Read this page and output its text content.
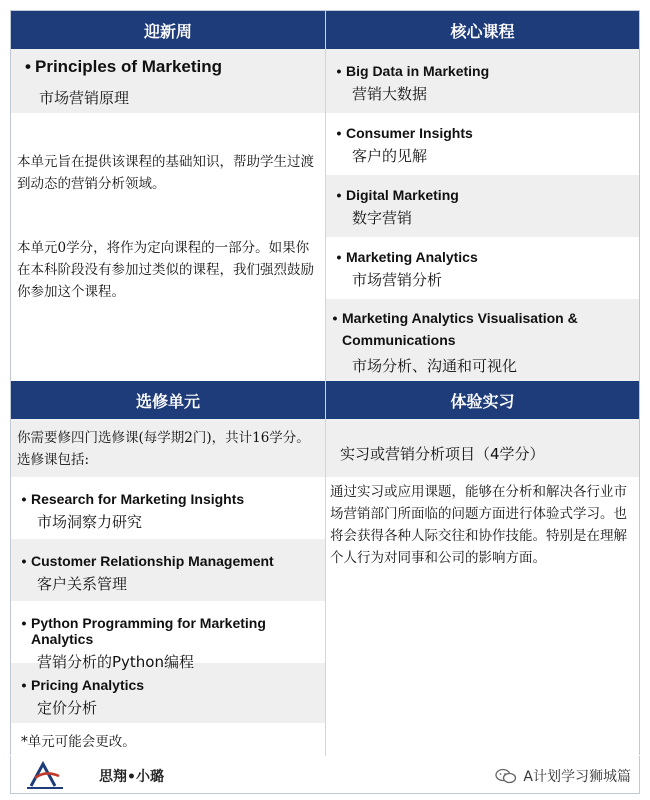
迎新周
• Principles of Marketing
市场营销原理
本单元旨在提供该课程的基础知识，帮助学生过渡到动态的营销分析领域。
本单元0学分，将作为定向课程的一部分。如果你在本科阶段没有参加过类似的课程，我们强烈鼓励你参加这个课程。
核心课程
• Big Data in Marketing
营销大数据
• Consumer Insights
客户的见解
• Digital Marketing
数字营销
• Marketing Analytics
市场营销分析
• Marketing Analytics Visualisation & Communications
市场分析、沟通和可视化
选修单元
你需要修四门选修课(每学期2门)，共计16学分。选修课包括:
• Research for Marketing Insights
市场洞察力研究
• Customer Relationship Management
客户关系管理
• Python Programming for Marketing Analytics
营销分析的Python编程
• Pricing Analytics
定价分析
*单元可能会更改。
体验实习
实习或营销分析项目（4学分）
通过实习或应用课题，能够在分析和解决各行业市场营销部门所面临的问题方面进行体验式学习。也将会获得各种人际交往和协作技能。特别是在理解个人行为对同事和公司的影响方面。
思翔•小璐	A计划学习狮城篇
